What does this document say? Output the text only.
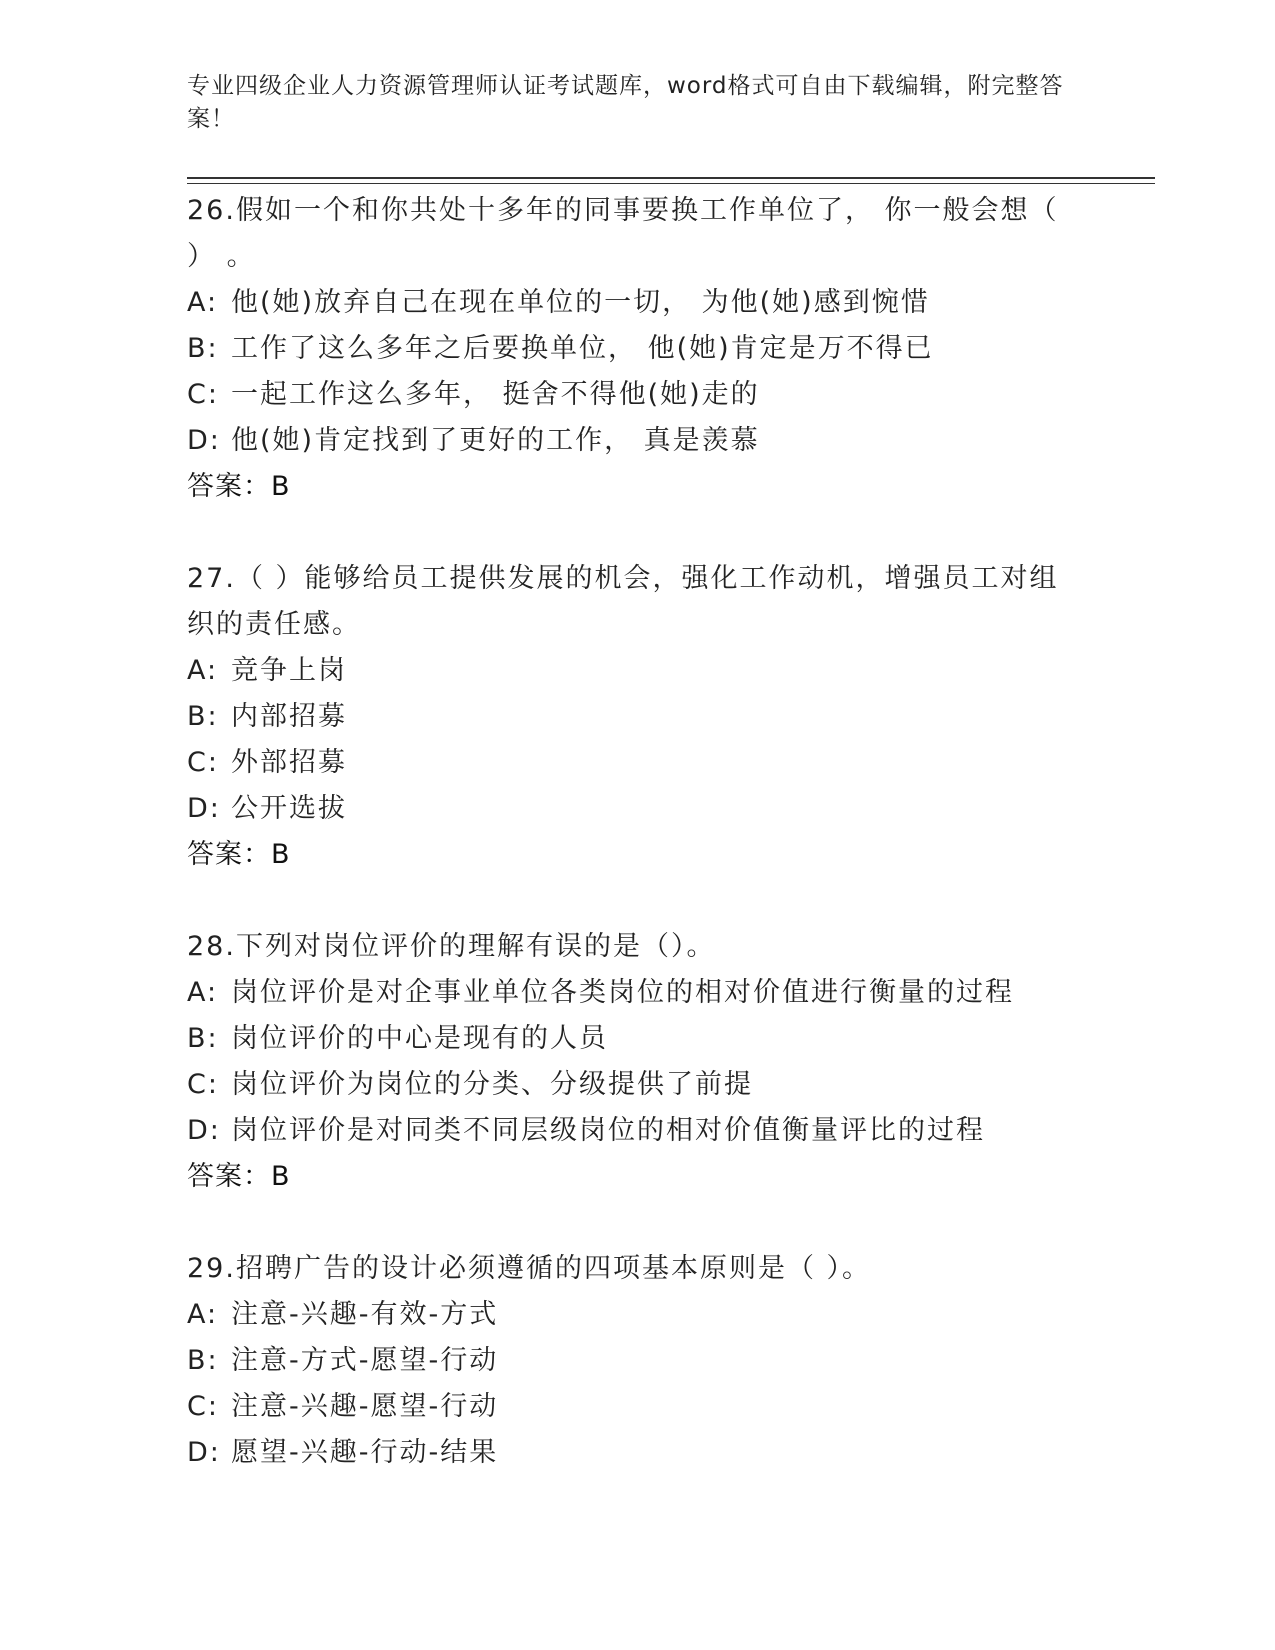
专业四级企业人力资源管理师认证考试题库，word格式可自由下载编辑，附完整答案！
26.假如一个和你共处十多年的同事要换工作单位了， 你一般会想（ ） 。
A: 他(她)放弃自己在现在单位的一切， 为他(她)感到惋惜
B: 工作了这么多年之后要换单位， 他(她)肯定是万不得已
C: 一起工作这么多年， 挺舍不得他(她)走的
D: 他(她)肯定找到了更好的工作， 真是羡慕
答案：B
27.（ ）能够给员工提供发展的机会，强化工作动机，增强员工对组织的责任感。
A: 竞争上岗
B: 内部招募
C: 外部招募
D: 公开选拔
答案：B
28.下列对岗位评价的理解有误的是（）。
A: 岗位评价是对企事业单位各类岗位的相对价值进行衡量的过程
B: 岗位评价的中心是现有的人员
C: 岗位评价为岗位的分类、分级提供了前提
D: 岗位评价是对同类不同层级岗位的相对价值衡量评比的过程
答案：B
29.招聘广告的设计必须遵循的四项基本原则是（ ）。
A: 注意-兴趣-有效-方式
B: 注意-方式-愿望-行动
C: 注意-兴趣-愿望-行动
D: 愿望-兴趣-行动-结果
